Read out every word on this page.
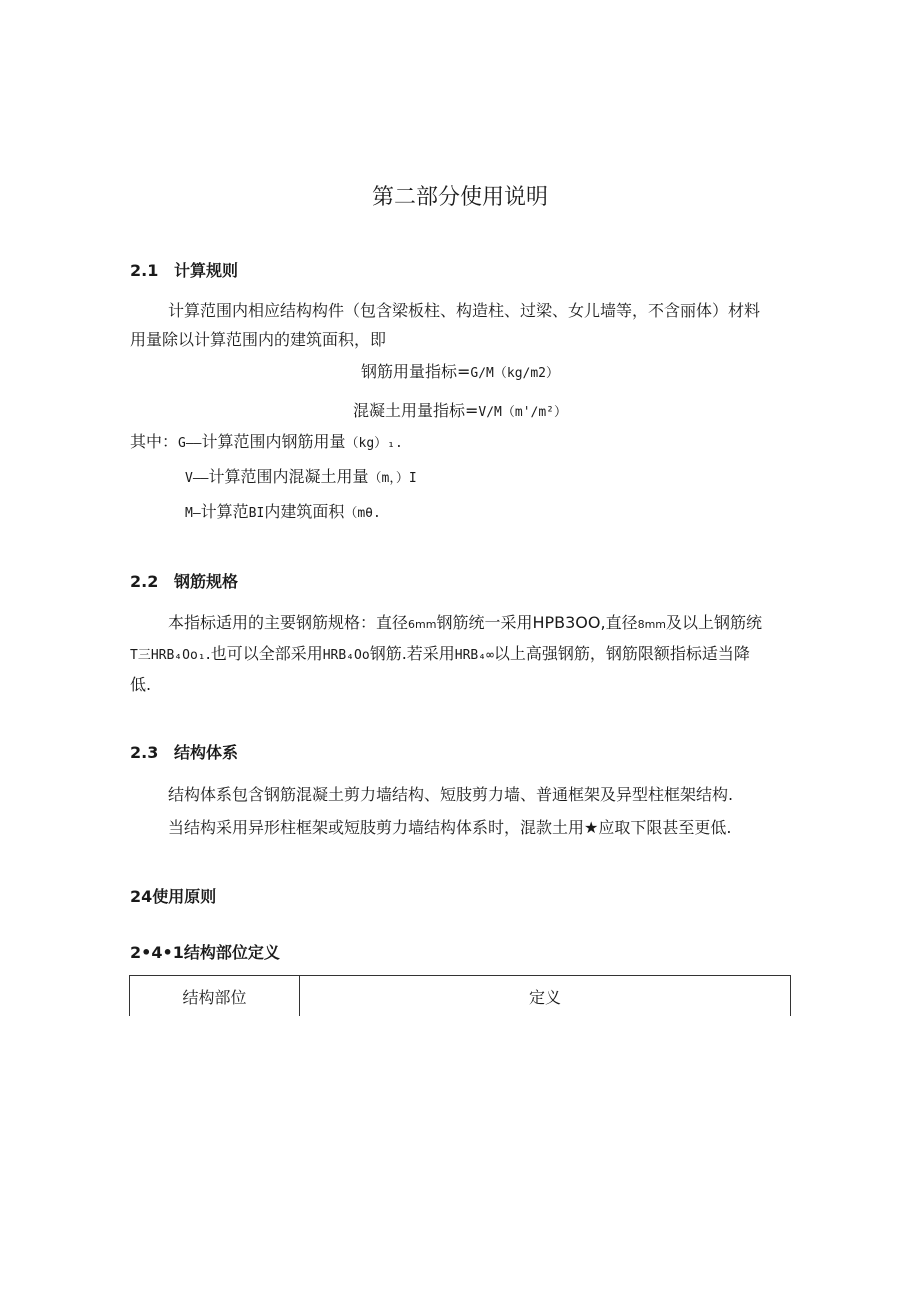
第二部分使用说明
2.1 计算规则
计算范围内相应结构构件（包含梁板柱、构造柱、过梁、女儿墙等，不含丽体）材料
用量除以计算范围内的建筑面积，即
钢筋用量指标=G∕M（kg∕m2）
混凝土用量指标=V∕M（m'∕m²）
其中：G——计算范围内钢筋用量（kg）₁.
V——计算范围内混凝土用量（m，）I
M—计算范BI内建筑面积（mθ.
2.2 钢筋规格
本指标适用的主要钢筋规格：直径6mm钢筋统一采用HPB3OO,直径8mm及以上钢筋统
T三HRB₄Oo₁.也可以全部采用HRB₄Oo钢筋.若采用HRB₄∞以上高强钢筋，钢筋限额指标适当降
低.
2.3 结构体系
结构体系包含钢筋混凝土剪力墙结构、短肢剪力墙、普通框架及异型柱框架结构.
当结构采用异形柱框架或短肢剪力墙结构体系时，混款土用★应取下限甚至更低.
24使用原则
2•4•1结构部位定义
结构部位	定义
